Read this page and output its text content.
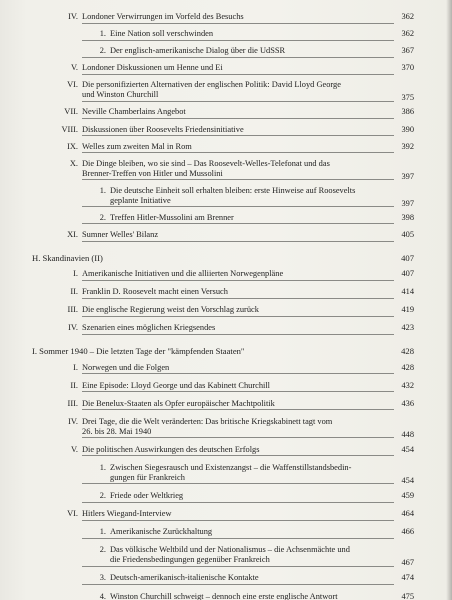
IV. Londoner Verwirrungen im Vorfeld des Besuchs	362
1. Eine Nation soll verschwinden	362
2. Der englisch-amerikanische Dialog über die UdSSR	367
V. Londoner Diskussionen um Henne und Ei	370
VI. Die personifizierten Alternativen der englischen Politik: David Lloyd George
und Winston Churchill	375
VII. Neville Chamberlains Angebot	386
VIII. Diskussionen über Roosevelts Friedensinitiative	390
IX. Welles zum zweiten Mal in Rom	392
X. Die Dinge bleiben, wo sie sind – Das Roosevelt-Welles-Telefonat und das
Brenner-Treffen von Hitler und Mussolini	397
1. Die deutsche Einheit soll erhalten bleiben: erste Hinweise auf Roosevelts
geplante Initiative	397
2. Treffen Hitler-Mussolini am Brenner	398
XI. Sumner Welles' Bilanz	405
H. Skandinavien (II)	407
I. Amerikanische Initiativen und die alliierten Norwegenpläne	407
II. Franklin D. Roosevelt macht einen Versuch	414
III. Die englische Regierung weist den Vorschlag zurück	419
IV. Szenarien eines möglichen Kriegsendes	423
I. Sommer 1940 – Die letzten Tage der "kämpfenden Staaten"	428
I. Norwegen und die Folgen	428
II. Eine Episode: Lloyd George und das Kabinett Churchill	432
III. Die Benelux-Staaten als Opfer europäischer Machtpolitik	436
IV. Drei Tage, die die Welt veränderten: Das britische Kriegskabinett tagt vom
26. bis 28. Mai 1940	448
V. Die politischen Auswirkungen des deutschen Erfolgs	454
1. Zwischen Siegesrausch und Existenzangst – die Waffenstillstandsbedin-
gungen für Frankreich	454
2. Friede oder Weltkrieg	459
VI. Hitlers Wiegand-Interview	464
1. Amerikanische Zurückhaltung	466
2. Das völkische Weltbild und der Nationalismus – die Achsenmächte und
die Friedensbedingungen gegenüber Frankreich	467
3. Deutsch-amerikanisch-italienische Kontakte	474
4. Winston Churchill schweigt – dennoch eine erste englische Antwort	475
